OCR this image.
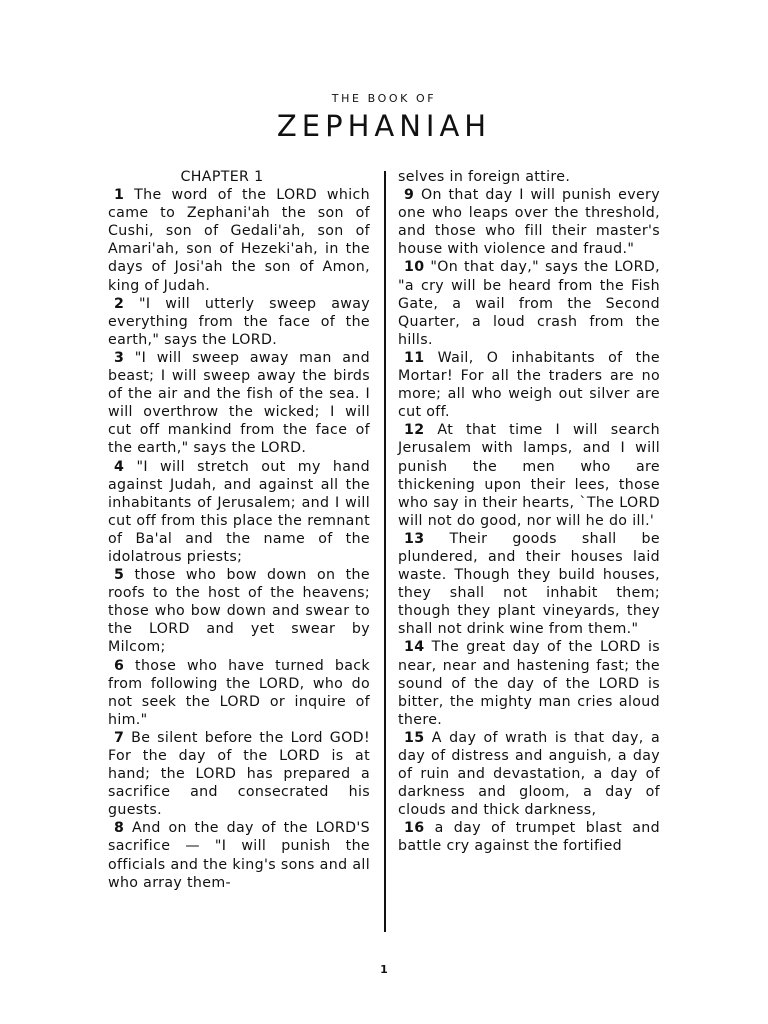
THE BOOK OF
ZEPHANIAH

CHAPTER 1

1 The word of the LORD which came to Zephani'ah the son of Cushi, son of Gedali'ah, son of Amari'ah, son of Hezeki'ah, in the days of Josi'ah the son of Amon, king of Judah.

2 "I will utterly sweep away everything from the face of the earth," says the LORD.

3 "I will sweep away man and beast; I will sweep away the birds of the air and the fish of the sea. I will overthrow the wicked; I will cut off mankind from the face of the earth," says the LORD.

4 "I will stretch out my hand against Judah, and against all the inhabitants of Jerusalem; and I will cut off from this place the remnant of Ba'al and the name of the idolatrous priests;

5 those who bow down on the roofs to the host of the heavens; those who bow down and swear to the LORD and yet swear by Milcom;

6 those who have turned back from following the LORD, who do not seek the LORD or inquire of him."

7 Be silent before the Lord GOD! For the day of the LORD is at hand; the LORD has prepared a sacrifice and consecrated his guests.

8 And on the day of the LORD'S sacrifice — "I will punish the officials and the king's sons and all who array them-

selves in foreign attire.

9 On that day I will punish every one who leaps over the threshold, and those who fill their master's house with violence and fraud."

10 "On that day," says the LORD, "a cry will be heard from the Fish Gate, a wail from the Second Quarter, a loud crash from the hills.

11 Wail, O inhabitants of the Mortar! For all the traders are no more; all who weigh out silver are cut off.

12 At that time I will search Jerusalem with lamps, and I will punish the men who are thickening upon their lees, those who say in their hearts, `The LORD will not do good, nor will he do ill.'

13 Their goods shall be plundered, and their houses laid waste. Though they build houses, they shall not inhabit them; though they plant vineyards, they shall not drink wine from them."

14 The great day of the LORD is near, near and hastening fast; the sound of the day of the LORD is bitter, the mighty man cries aloud there.

15 A day of wrath is that day, a day of distress and anguish, a day of ruin and devastation, a day of darkness and gloom, a day of clouds and thick darkness,

16 a day of trumpet blast and battle cry against the fortified

1
